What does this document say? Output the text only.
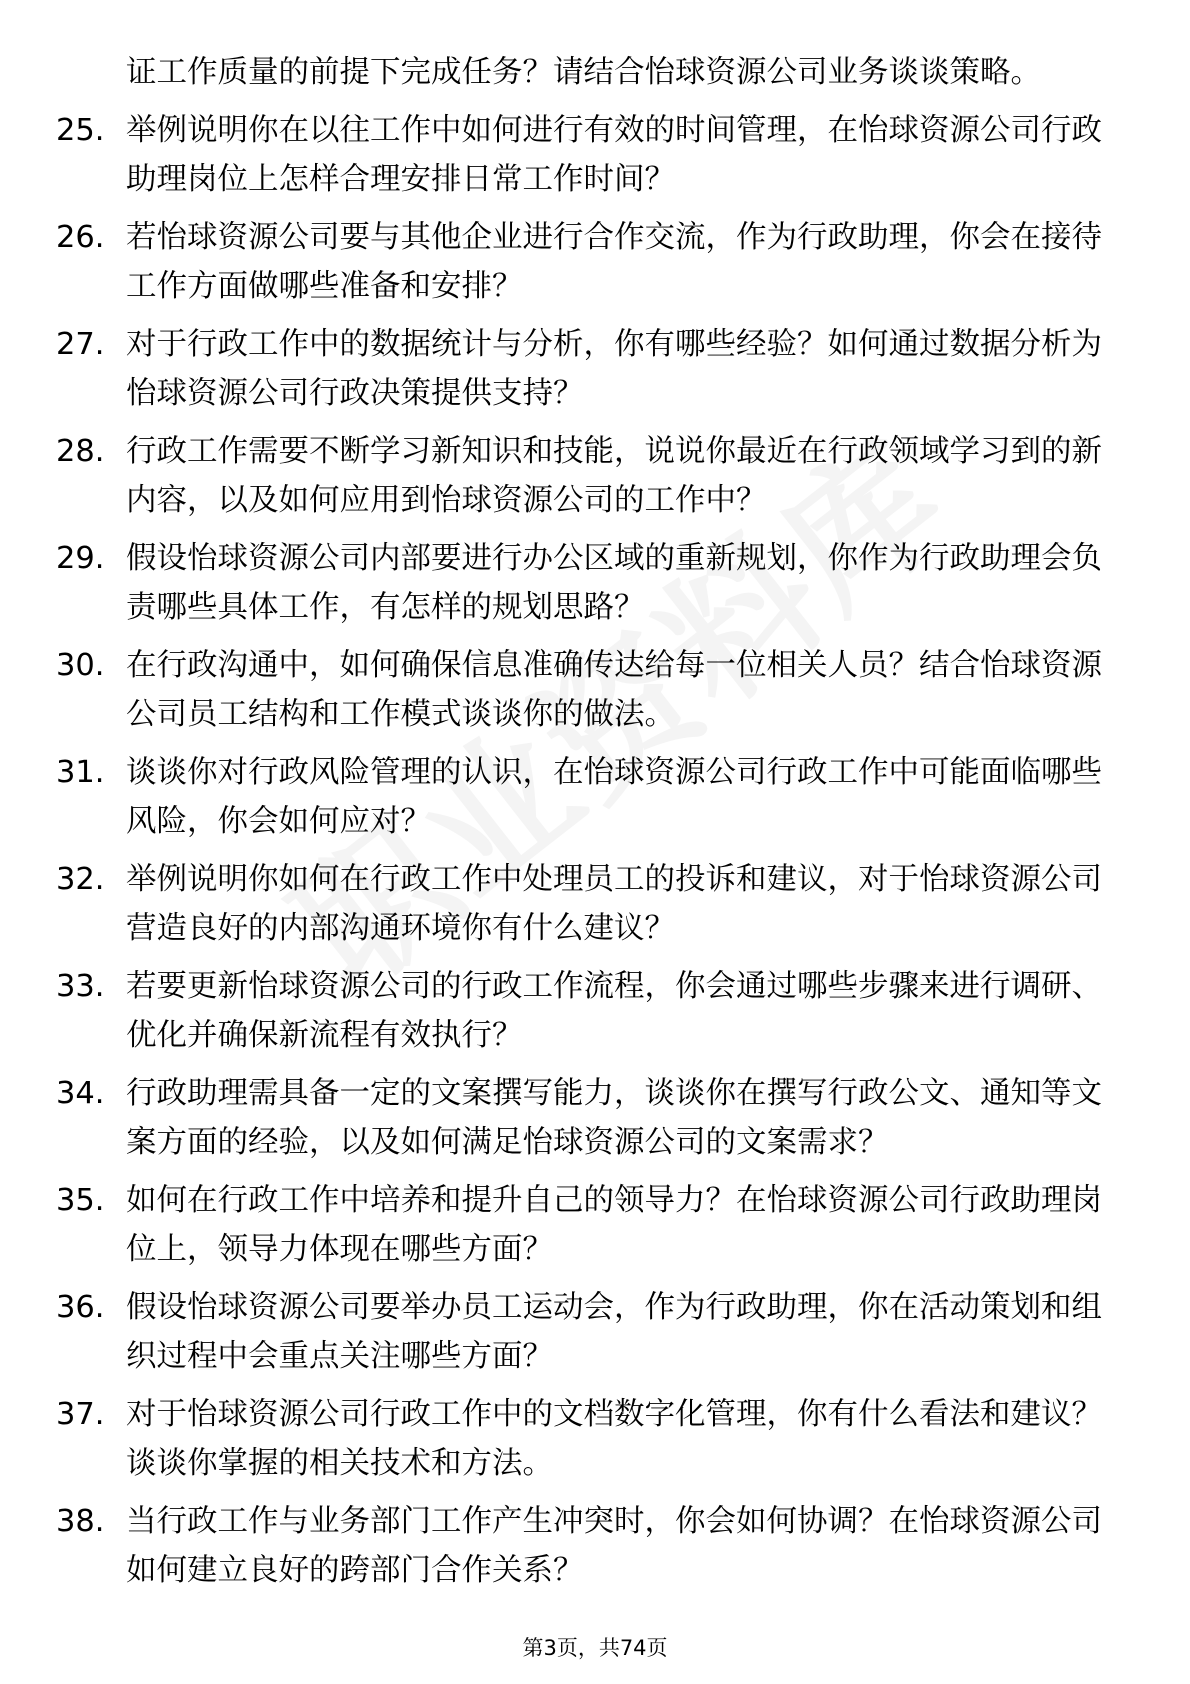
证工作质量的前提下完成任务？请结合怡球资源公司业务谈谈策略。
25. 举例说明你在以往工作中如何进行有效的时间管理，在怡球资源公司行政助理岗位上怎样合理安排日常工作时间？
26. 若怡球资源公司要与其他企业进行合作交流，作为行政助理，你会在接待工作方面做哪些准备和安排？
27. 对于行政工作中的数据统计与分析，你有哪些经验？如何通过数据分析为怡球资源公司行政决策提供支持？
28. 行政工作需要不断学习新知识和技能，说说你最近在行政领域学习到的新内容，以及如何应用到怡球资源公司的工作中？
29. 假设怡球资源公司内部要进行办公区域的重新规划，你作为行政助理会负责哪些具体工作，有怎样的规划思路？
30. 在行政沟通中，如何确保信息准确传达给每一位相关人员？结合怡球资源公司员工结构和工作模式谈谈你的做法。
31. 谈谈你对行政风险管理的认识，在怡球资源公司行政工作中可能面临哪些风险，你会如何应对？
32. 举例说明你如何在行政工作中处理员工的投诉和建议，对于怡球资源公司营造良好的内部沟通环境你有什么建议？
33. 若要更新怡球资源公司的行政工作流程，你会通过哪些步骤来进行调研、优化并确保新流程有效执行？
34. 行政助理需具备一定的文案撰写能力，谈谈你在撰写行政公文、通知等文案方面的经验，以及如何满足怡球资源公司的文案需求？
35. 如何在行政工作中培养和提升自己的领导力？在怡球资源公司行政助理岗位上，领导力体现在哪些方面？
36. 假设怡球资源公司要举办员工运动会，作为行政助理，你在活动策划和组织过程中会重点关注哪些方面？
37. 对于怡球资源公司行政工作中的文档数字化管理，你有什么看法和建议？谈谈你掌握的相关技术和方法。
38. 当行政工作与业务部门工作产生冲突时，你会如何协调？在怡球资源公司如何建立良好的跨部门合作关系？
第3页，共74页
